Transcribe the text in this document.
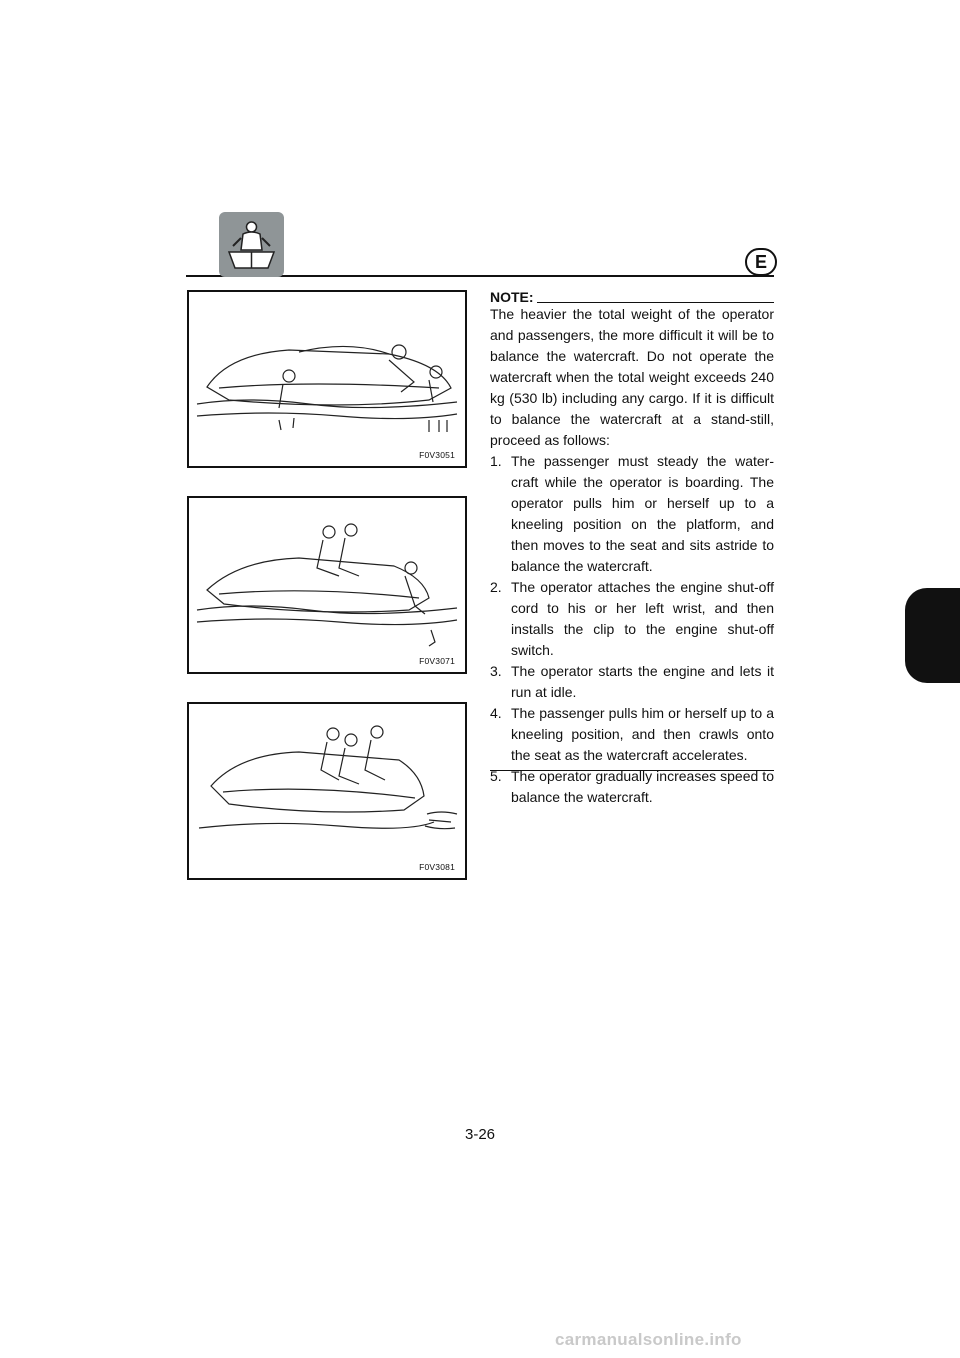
E
F0V3051
F0V3071
F0V3081
NOTE:

The heavier the total weight of the operator and passengers, the more difficult it will be to balance the watercraft. Do not operate the watercraft when the total weight exceeds 240 kg (530 lb) including any cargo. If it is difficult to balance the watercraft at a stand-still, proceed as follows:

1. The passenger must steady the water-craft while the operator is boarding. The operator pulls him or herself up to a kneeling position on the platform, and then moves to the seat and sits astride to balance the watercraft.
2. The operator attaches the engine shut-off cord to his or her left wrist, and then installs the clip to the engine shut-off switch.
3. The operator starts the engine and lets it run at idle.
4. The passenger pulls him or herself up to a kneeling position, and then crawls onto the seat as the watercraft accelerates.
5. The operator gradually increases speed to balance the watercraft.
3-26
carmanualsonline.info
